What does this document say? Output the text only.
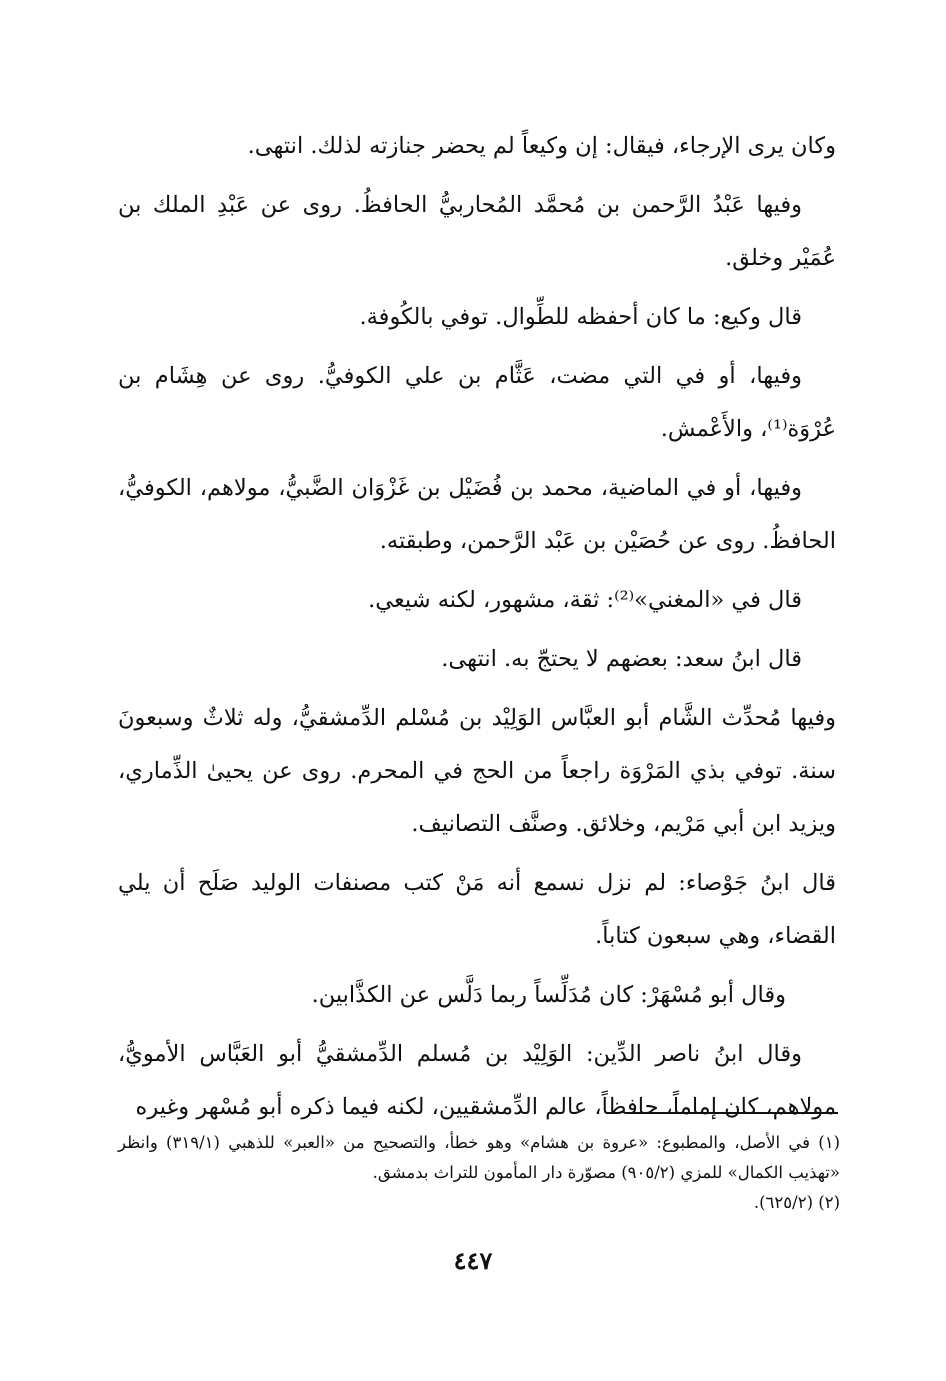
وكان يرى الإرجاء، فيقال: إن وكيعاً لم يحضر جنازته لذلك. انتهى.

وفيها عَبْدُ الرَّحمن بن مُحمَّد المُحاربيُّ الحافظُ. روى عن عَبْدِ الملك بن عُمَيْر وخلق.

قال وكيع: ما كان أحفظه للطِّوال. توفي بالكُوفة.

وفيها، أو في التي مضت، عَثَّام بن علي الكوفيُّ. روى عن هِشَام بن عُرْوَة⁽¹⁾، والأَعْمش.

وفيها، أو في الماضية، محمد بن فُضَيْل بن غَزْوَان الضَّبيُّ، مولاهم، الكوفيُّ، الحافظُ. روى عن حُصَيْن بن عَبْد الرَّحمن، وطبقته.

قال في «المغني»⁽²⁾: ثقة، مشهور، لكنه شيعي.

قال ابنُ سعد: بعضهم لا يحتجّ به. انتهى.

وفيها مُحدِّث الشَّام أبو العبَّاس الوَلِيْد بن مُسْلم الدِّمشقيُّ، وله ثلاثٌ وسبعونَ سنة. توفي بذي المَرْوَة راجعاً من الحج في المحرم. روى عن يحيىٰ الذِّماري، ويزيد ابن أبي مَرْيم، وخلائق. وصنَّف التصانيف.

قال ابنُ جَوْصاء: لم نزل نسمع أنه مَنْ كتب مصنفات الوليد صَلَح أن يلي القضاء، وهي سبعون كتاباً.

وقال أبو مُسْهَرْ: كان مُدَلِّساً ربما دَلَّس عن الكذَّابين.

وقال ابنُ ناصر الدِّين: الوَلِيْد بن مُسلم الدِّمشقيُّ أبو العَبَّاس الأمويُّ، مولاهم، كان إماماً، حافظاً، عالم الدِّمشقيين، لكنه فيما ذكره أبو مُسْهر وغيره

(١) في الأصل، والمطبوع: «عروة بن هشام» وهو خطأ، والتصحيح من «العبر» للذهبي (٣١٩/١) وانظر «تهذيب الكمال» للمزي (٩٠٥/٢) مصوّرة دار المأمون للتراث بدمشق.

(٢) (٦٢٥/٢).

٤٤٧
